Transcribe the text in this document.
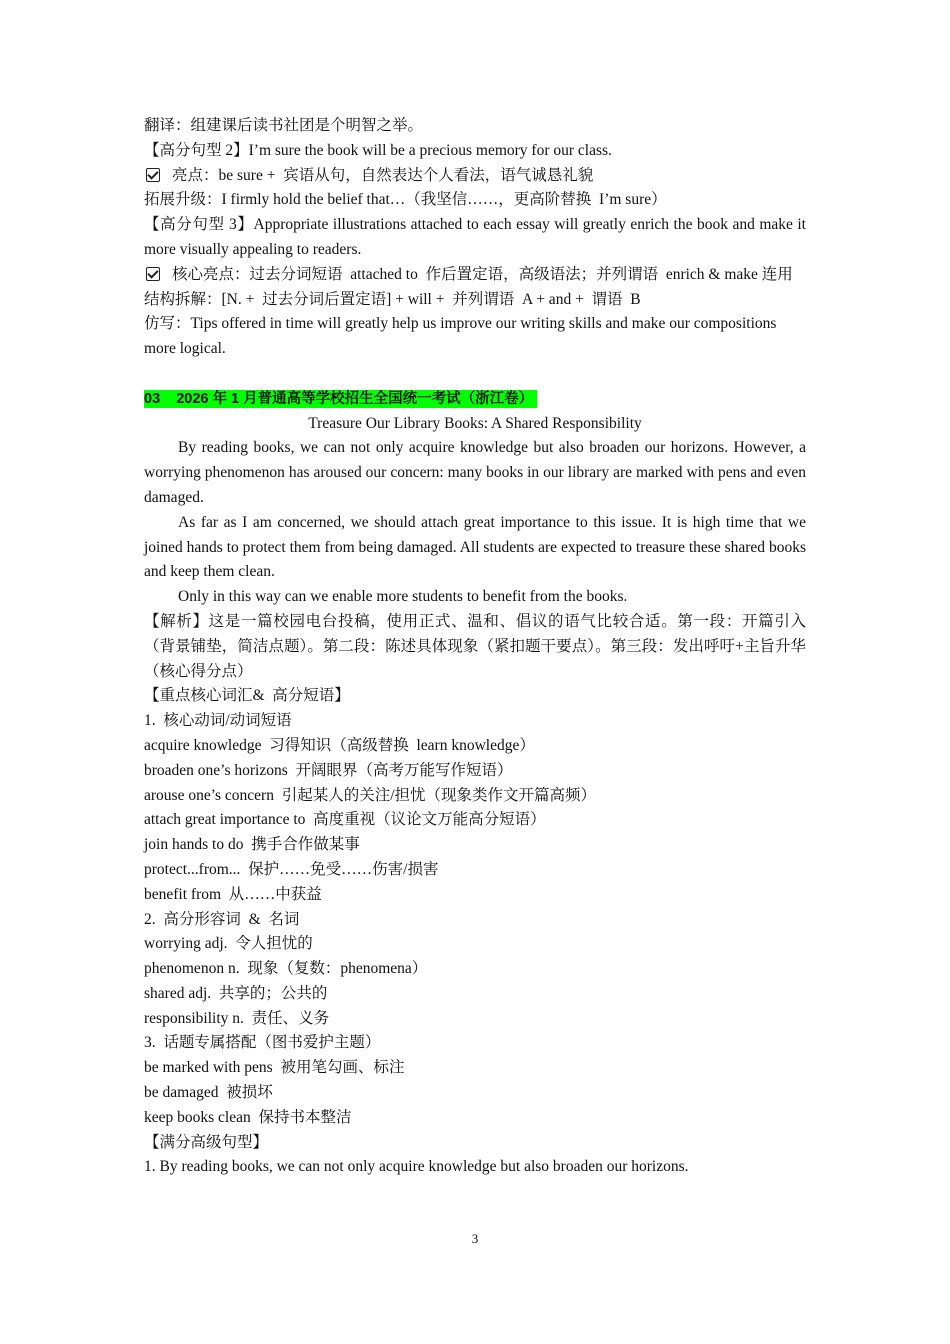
翻译：组建课后读书社团是个明智之举。

【高分句型 2】I’m sure the book will be a precious memory for our class.

亮点：be sure +  宾语从句，自然表达个人看法，语气诚恳礼貌

拓展升级：I firmly hold the belief that…（我坚信……，更高阶替换  I’m sure）

【高分句型 3】Appropriate illustrations attached to each essay will greatly enrich the book and make it more visually appealing to readers.

核心亮点：过去分词短语  attached to  作后置定语，高级语法；并列谓语  enrich & make 连用

结构拆解：[N. +  过去分词后置定语] + will +  并列谓语  A + and +  谓语  B

仿写：Tips offered in time will greatly help us improve our writing skills and make our compositions more logical.

03    2026 年 1 月普通高等学校招生全国统一考试（浙江卷）

Treasure Our Library Books: A Shared Responsibility

By reading books, we can not only acquire knowledge but also broaden our horizons. However, a worrying phenomenon has aroused our concern: many books in our library are marked with pens and even damaged.

As far as I am concerned, we should attach great importance to this issue. It is high time that we joined hands to protect them from being damaged. All students are expected to treasure these shared books and keep them clean.

Only in this way can we enable more students to benefit from the books.

【解析】这是一篇校园电台投稿，使用正式、温和、倡议的语气比较合适。第一段：开篇引入（背景铺垫，简洁点题）。第二段：陈述具体现象（紧扣题干要点）。第三段：发出呼吁+主旨升华（核心得分点）

【重点核心词汇&  高分短语】

1.  核心动词/动词短语

acquire knowledge  习得知识（高级替换  learn knowledge）

broaden one’s horizons  开阔眼界（高考万能写作短语）

arouse one’s concern  引起某人的关注/担忧（现象类作文开篇高频）

attach great importance to  高度重视（议论文万能高分短语）

join hands to do  携手合作做某事

protect...from...  保护……免受……伤害/损害

benefit from  从……中获益

2.  高分形容词  &  名词

worrying adj.  令人担忧的

phenomenon n.  现象（复数：phenomena）

shared adj.  共享的；公共的

responsibility n.  责任、义务

3.  话题专属搭配（图书爱护主题）

be marked with pens  被用笔勾画、标注

be damaged  被损坏

keep books clean  保持书本整洁

【满分高级句型】

1. By reading books, we can not only acquire knowledge but also broaden our horizons.

3
